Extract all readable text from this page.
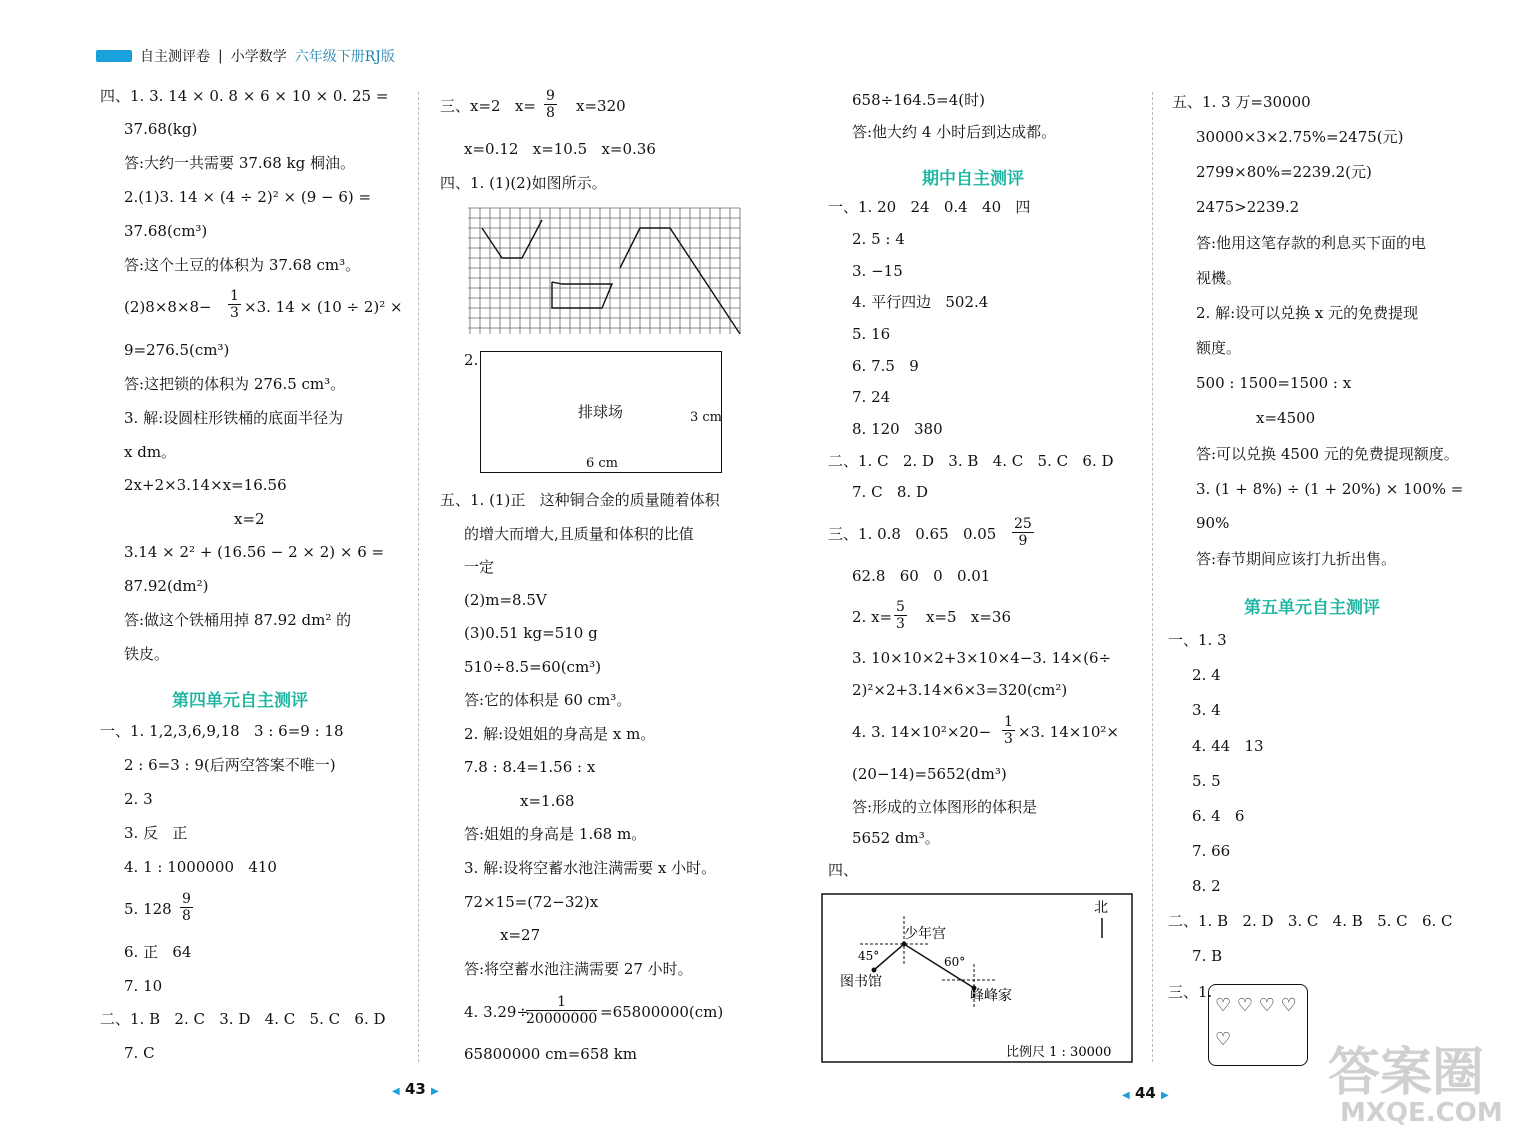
自主测评卷 | 小学数学 六年级下册RJ版
四、1. 3. 14 × 0. 8 × 6 × 10 × 0. 25 =
37.68(kg)
答:大约一共需要 37.68 kg 桐油。
2.(1)3. 14 × (4 ÷ 2)² × (9 − 6) =
37.68(cm³)
答:这个土豆的体积为 37.68 cm³。
$(2)8\times 8\times 8- \frac{1}{3} \times 3$. 14 × (10 ÷ 2)² ×
9=276.5(cm³)
答:这把锁的体积为 276.5 cm³。
3. 解:设圆柱形铁桶的底面半径为
x dm。
2x+2×3.14×x=16.56
x=2
3.14 × 2² + (16.56 − 2 × 2) × 6 =
87.92(dm²)
答:做这个铁桶用掉 87.92 dm² 的
铁皮。
第四单元自主测评
一、1. 1,2,3,6,9,18   3 : 6=9 : 18
2 : 6=3 : 9(后两空答案不唯一)
2. 3
3. 反   正
4. 1 : 1000000   410
5. $128 \frac{9}{8}$
6. 正   64
7. 10
二、1. B   2. C   3. D   4. C   5. C   6. D
7. C
三、x=2   $x= \frac{9}{8} x=320$
x=0.12   x=10.5   x=0.36
四、1. (1)(2)如图所示。
2.
排球场	3 cm
6 cm
五、1. (1)正   这种铜合金的质量随着体积
的增大而增大,且质量和体积的比值
一定
(2)m=8.5V
(3)0.51 kg=510 g
510÷8.5=60(cm³)
答:它的体积是 60 cm³。
2. 解:设姐姐的身高是 x m。
7.8 : 8.4=1.56 : x
x=1.68
答:姐姐的身高是 1.68 m。
3. 解:设将空蓄水池注满需要 x 小时。
72×15=(72−32)x
x=27
答:将空蓄水池注满需要 27 小时。
4. 3.29÷
$\frac{1}{20000000} =65800000(cm)$
65800000 cm=658 km
◀ 43 ▶
658÷164.5=4(时)
答:他大约 4 小时后到达成都。
期中自主测评
一、1. 20   24   0.4   40   四
2. 5 : 4
3. −15
4. 平行四边   502.4
5. 16
6. 7.5   9
7. 24
8. 120   380
二、1. C   2. D   3. B   4. C   5. C   6. D
7. C   8. D
三、1. 0.8   0.65   $0.05 \frac{25}{9}$
62.8   60   0   0.01
2. $x= \frac{5}{3} x=5$   x=36
3. 10×10×2+3×10×4−3. 14×(6÷
2)²×2+3.14×6×3=320(cm²)
4. 3. $14\times 10^2\times 20- \frac{1}{3} \times 3$. 14×10²×
(20−14)=5652(dm³)
答:形成的立体图形的体积是
5652 dm³。
四、
北
少年宫
图书馆
峰峰家
45°	60°
比例尺 1 : 30000
五、1. 3 万=30000
30000×3×2.75%=2475(元)
2799×80%=2239.2(元)
2475>2239.2
答:他用这笔存款的利息买下面的电
视機。
2. 解:设可以兑换 x 元的免费提现
额度。
500 : 1500=1500 : x
x=4500
答:可以兑换 4500 元的免费提现额度。
3. (1 + 8%) ÷ (1 + 20%) × 100% =
90%
答:春节期间应该打九折出售。
第五单元自主测评
一、1. 3
2. 4
3. 4
4. 44   13
5. 5
6. 4   6
7. 66
8. 2
二、1. B   2. D   3. C   4. B   5. C   6. C
7. B
三、1.
♡ ♡ ♡ ♡
♡
◀ 44 ▶	答案圈
MXQE.COM
